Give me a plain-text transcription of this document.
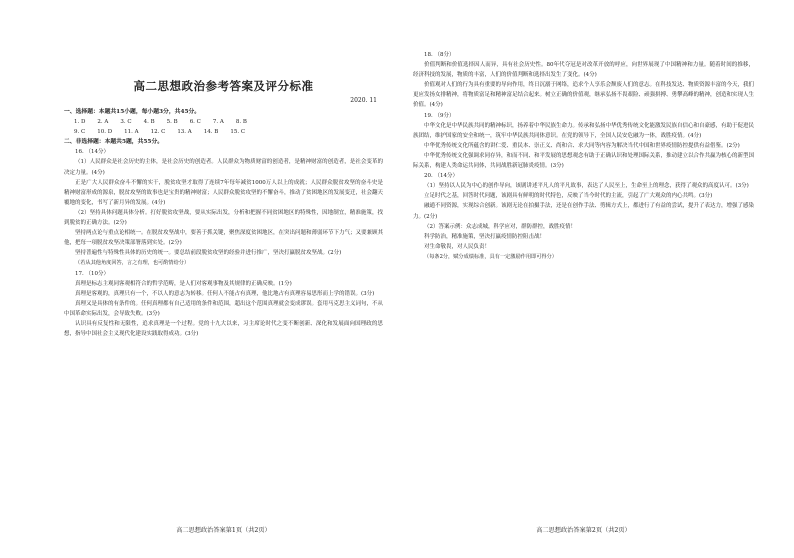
高二思想政治参考答案及评分标准
2020. 11
一、选择题：本题共15小题，每小题3分，共45分。
1. D 2. A 3. C 4. B 5. B 6. C 7. A 8. B
9. C 10. D 11. A 12. C 13. A 14. B 15. C
二、非选择题：本题共5题，共55分。

16. （14分）

（1）人民群众是社会历史的主体，是社会历史的创造者。人民群众为物质财富的创造者，是精神财富的创造者，是社会变革的决定力量。(4分)

正是广大人民群众奋斗不懈的实干，脱贫攻坚才取得了连续7年每年减贫1000万人以上的成就；人民群众脱贫攻坚的奋斗史是精神财富形成的源泉，脱贫攻坚的故事也是宝贵的精神财富；人民群众脱贫攻坚的不懈奋斗，推动了贫困地区的发展变迁，社会翻天覆地的变化，书写了新月异的发展。(4分)

（2）坚持具体问题具体分析。打好脱贫攻坚战，要从实际出发，分析和把握不同贫困地区的特殊性，因地制宜，精准施策，找到脱贫的正确方法。(2分)

坚持两点论与重点论相统一。在脱贫攻坚战中，要善于抓关键，聚焦深度贫困地区，在突出问题和薄弱环节下力气；又要兼顾其他，把每一项脱贫攻坚决策部署落到实处。(2分)

坚持普遍性与特殊性具体的历史的统一。要总结前段脱贫攻坚的经验并进行推广，坚决打赢脱贫攻坚战。(2分)

（若从其他角度回答，言之有理，也可酌情给分）

17. （10分）

真理是标志主观同客观相符合的哲学范畴，是人们对客观事物及其规律的正确反映。(1分)

真理是客观的，真理只有一个，不以人的意志为转移。任何人不能占有真理，他比地占有真理容易思彤而上学的错误。(3分)

真理又是具体的有条件的。任何真理都有自己适用的条件和范围，超出这个范围真理就会变成谬误。套用马克思主义词句，不从中国革命实际出发，会导致失败。(3分)

认识具有反复性和无限性，追求真理是一个过程。党的十九大以来，习主席论时代之变不断创新、深化和发展面向国理政的思想，指导中国社会主义现代化建设实践取得成功。(3分)

高二思想政治答案第1页（共2页）

18. （8分）

价值判断和价值选择因人而异，具有社会历史性。80年代夺冠是对改革开放的呼应，向世界展现了中国精神和力量。随着时间的推移，经济科技的发展，物质的丰富，人们的价值判断和选择出发生了变化。(4分)

价值观对人们的行为具有重要的导向作用，终日沉溺于网络，追求个人享乐会颓废人们的意志。在科技发达、物质资源丰富的今天，我们更应发扬女排精神，将物质富足和精神富足结合起来。树立正确的价值观，继承弘扬不畏艰险、顽强拼搏、勇攀高峰的精神，创造和实现人生价值。(4分)

19. （9分）

中华文化是中华民族共同的精神标识，扬养着中华民族生命力。传承和弘扬中华优秀传统文化能激发民族自信心和自豪感，有助于促进民族团结，维护国家的安全和统一，筑牢中华民族共同体意识。在党的领导下，全国人民安危融为一体，战胜疫情。(4分)

中华优秀传统文化所蕴含的讲仁爱、重民本、崇正义、尚和合、求大同等内容为解决当代中国和世界疫情防控提供有益借鉴。(2分)

中华优秀传统文化强调求同存异，和而不同、和平发展的思想观念有助于正确认识和处理国际关系，推动建立以合作共赢为核心的新型国际关系，构建人类命运共同体，共同战胜新冠肺炎疫情。(3分)

20. （14分）

（1）坚持以人民为中心的创作导向，该剧讲述平凡人的平凡故事，表达了人民至上，生命至上的理念，获得了观众的高度认可。(3分)

立足时代之基，回答时代问题，该剧具有鲜明的时代特色，反映了当今时代的主流，引起了广大观众的内心共鸣。(3分)

融通不同资源，实现综合创新。该剧无论在拍摄手法，还是在创作手法、剪辑方式上，都进行了有益的尝试，提升了表达力，增强了感染力。(2分)

（2）答案示例：众志成城，科学应对，群防群控，战胜疫情！

科学防治，精准施策，坚决打赢疫情防控阻击战！

对生命敬畏，对人民负责！

（每条2分，赋分成绩标准，具有一定激励作用即可得分）

高二思想政治答案第2页（共2页）
